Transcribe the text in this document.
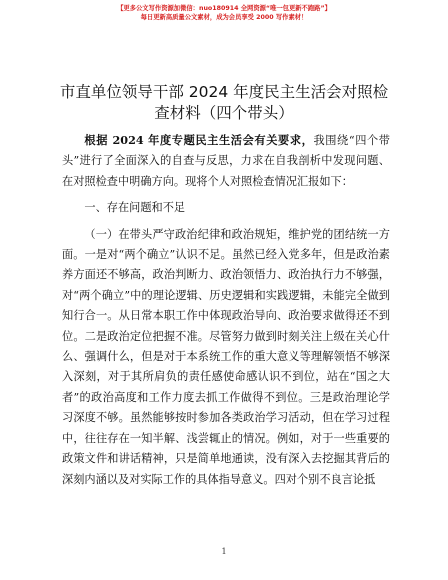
【更多公文写作资源加微信：nuo180914 全网资源“唯一包更新不跑路”】
每日更新高质量公文素材，成为会员享受 2000 写作素材！
市直单位领导干部 2024 年度民主生活会对照检
查材料（四个带头）

根据 2024 年度专题民主生活会有关要求，我围绕“四个带头”进行了全面深入的自查与反思，力求在自我剖析中发现问题、在对照检查中明确方向。现将个人对照检查情况汇报如下：

一、存在问题和不足

（一）在带头严守政治纪律和政治规矩，维护党的团结统一方面。一是对“两个确立”认识不足。虽然已经入党多年，但是政治素养方面还不够高，政治判断力、政治领悟力、政治执行力不够强，对“两个确立”中的理论逻辑、历史逻辑和实践逻辑，未能完全做到知行合一。从日常本职工作中体现政治导向、政治要求做得还不到位。二是政治定位把握不准。尽管努力做到时刻关注上级在关心什么、强调什么，但是对于本系统工作的重大意义等理解领悟不够深入深刻，对于其所肩负的责任感使命感认识不到位，站在“国之大者”的政治高度和工作力度去抓工作做得不到位。三是政治理论学习深度不够。虽然能够按时参加各类政治学习活动，但在学习过程中，往往存在一知半解、浅尝辄止的情况。例如，对于一些重要的政策文件和讲话精神，只是简单地通读，没有深入去挖掘其背后的深刻内涵以及对实际工作的具体指导意义。四对个别不良言论抵

1
